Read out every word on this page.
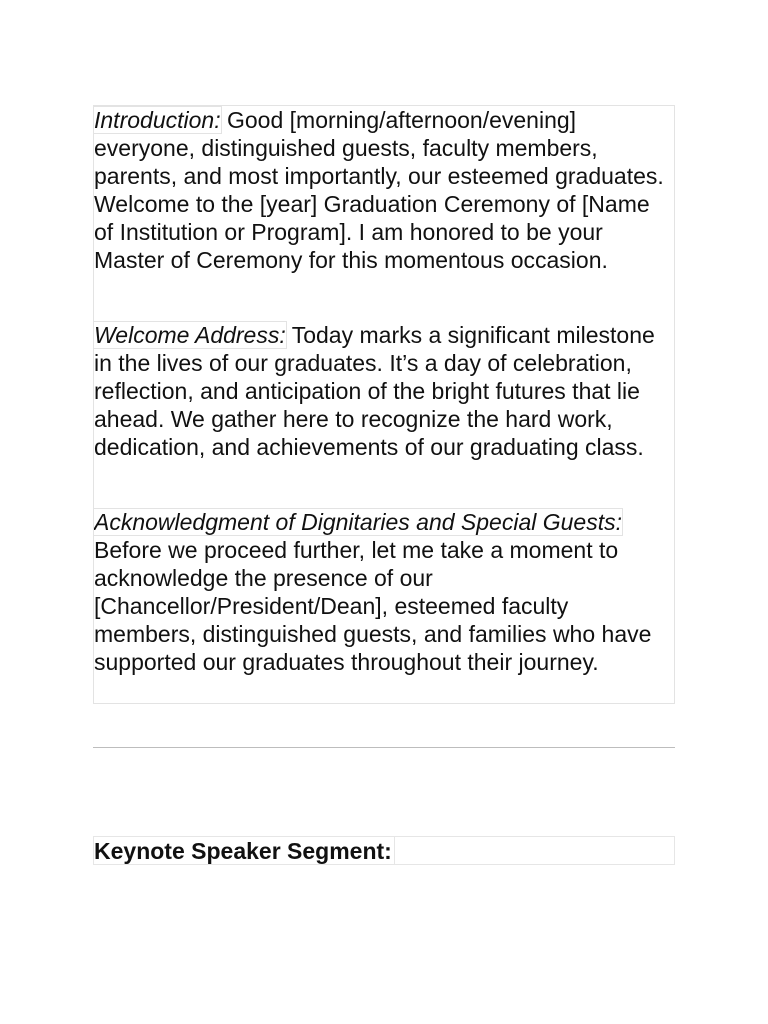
Introduction: Good [morning/afternoon/evening] everyone, distinguished guests, faculty members, parents, and most importantly, our esteemed graduates. Welcome to the [year] Graduation Ceremony of [Name of Institution or Program]. I am honored to be your Master of Ceremony for this momentous occasion.

Welcome Address: Today marks a significant milestone in the lives of our graduates. It’s a day of celebration, reflection, and anticipation of the bright futures that lie ahead. We gather here to recognize the hard work, dedication, and achievements of our graduating class.

Acknowledgment of Dignitaries and Special Guests: Before we proceed further, let me take a moment to acknowledge the presence of our [Chancellor/President/Dean], esteemed faculty members, distinguished guests, and families who have supported our graduates throughout their journey.

Keynote Speaker Segment:
